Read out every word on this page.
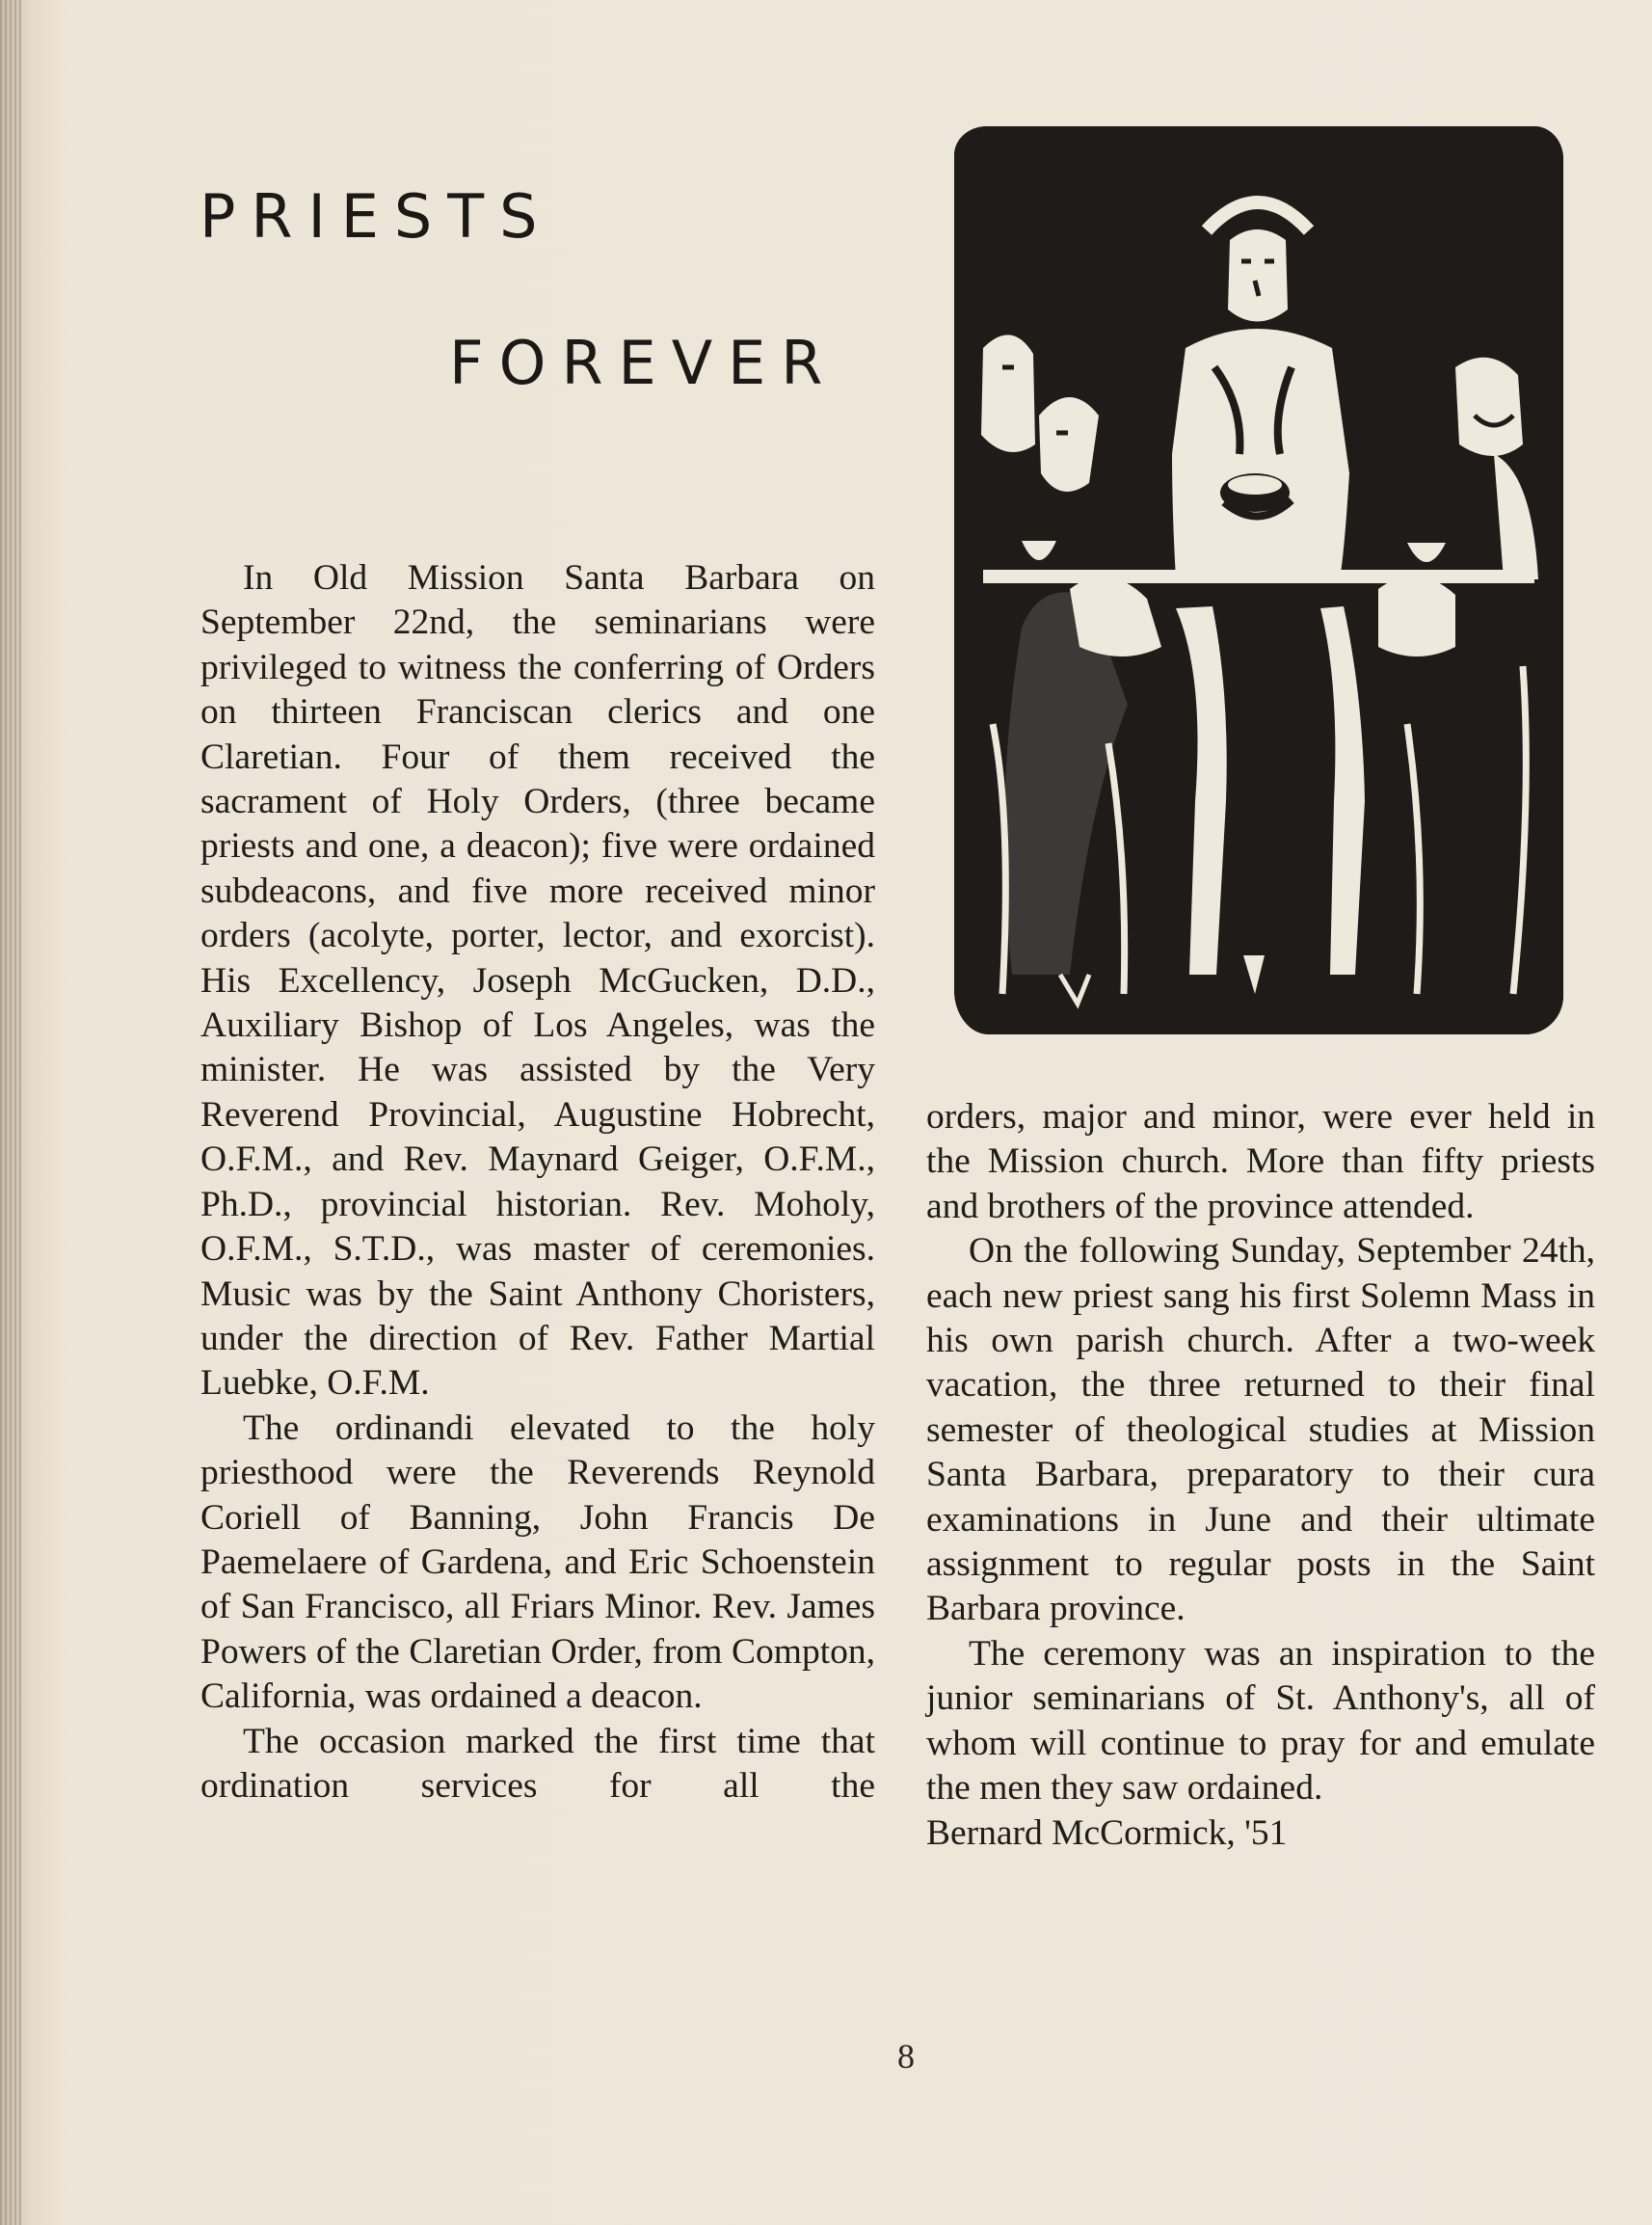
PRIESTS
FOREVER

In Old Mission Santa Barbara on September 22nd, the seminarians were privileged to witness the conferring of Orders on thirteen Franciscan clerics and one Claretian. Four of them received the sacrament of Holy Orders, (three became priests and one, a deacon); five were ordained subdeacons, and five more received minor orders (acolyte, porter, lector, and exorcist). His Excellency, Joseph McGucken, D.D., Auxiliary Bishop of Los Angeles, was the minister. He was assisted by the Very Reverend Provincial, Augustine Hobrecht, O.F.M., and Rev. Maynard Geiger, O.F.M., Ph.D., provincial historian. Rev. Moholy, O.F.M., S.T.D., was master of ceremonies. Music was by the Saint Anthony Choristers, under the direction of Rev. Father Martial Luebke, O.F.M.

The ordinandi elevated to the holy priesthood were the Reverends Reynold Coriell of Banning, John Francis De Paemelaere of Gardena, and Eric Schoenstein of San Francisco, all Friars Minor. Rev. James Powers of the Claretian Order, from Compton, California, was ordained a deacon.

The occasion marked the first time that ordination services for all the

orders, major and minor, were ever held in the Mission church. More than fifty priests and brothers of the province attended.

On the following Sunday, September 24th, each new priest sang his first Solemn Mass in his own parish church. After a two-week vacation, the three returned to their final semester of theological studies at Mission Santa Barbara, preparatory to their cura examinations in June and their ultimate assignment to regular posts in the Saint Barbara province.

The ceremony was an inspiration to the junior seminarians of St. Anthony's, all of whom will continue to pray for and emulate the men they saw ordained.

Bernard McCormick, '51

8
